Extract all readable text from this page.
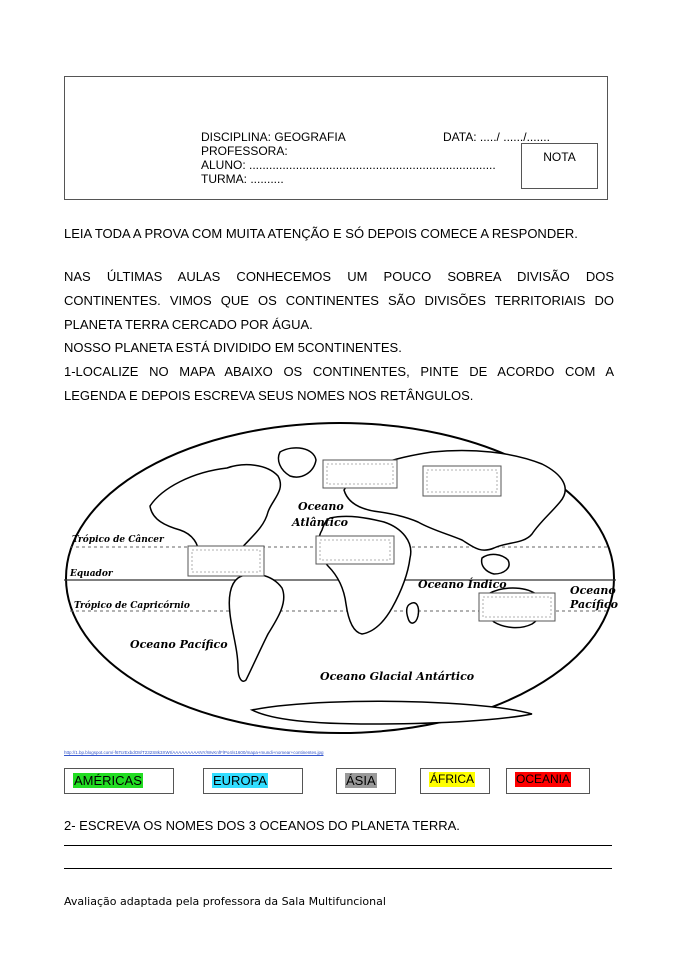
DISCIPLINA: GEOGRAFIA	DATA: ...../ ....../.......
PROFESSORA:
ALUNO: ..........................................................................
TURMA: ..........
NOTA
LEIA TODA A PROVA COM MUITA ATENÇÃO E SÓ DEPOIS COMECE A RESPONDER.
NAS ÚLTIMAS AULAS CONHECEMOS UM POUCO SOBREA DIVISÃO DOS
CONTINENTES. VIMOS QUE OS CONTINENTES SÃO DIVISÕES TERRITORIAIS DO
PLANETA TERRA CERCADO POR ÁGUA.
NOSSO PLANETA ESTÁ DIVIDIDO EM 5CONTINENTES.
1-LOCALIZE NO MAPA ABAIXO OS CONTINENTES, PINTE DE ACORDO COM A
LEGENDA E DEPOIS ESCREVA SEUS NOMES NOS RETÂNGULOS.
Trópico de Câncer
Equador
Trópico de Capricórnio
Oceano
Atlântico
Oceano Índico	Oceano
Pacífico
Oceano Pacífico
Oceano Glacial Antártico
http://1.bp.blogspot.com/-f6TcrExbdO8/T232S8k3XWI/AAAAAAAAANY/WvKnfFlPo4/s1600/mapa+mundi+nomear+continentes.jpg
AMÉRICAS	EUROPA	ÁSIA	ÁFRICA	OCEANIA
2- ESCREVA OS NOMES DOS 3 OCEANOS DO PLANETA TERRA.
Avaliação adaptada pela professora da Sala Multifuncional
